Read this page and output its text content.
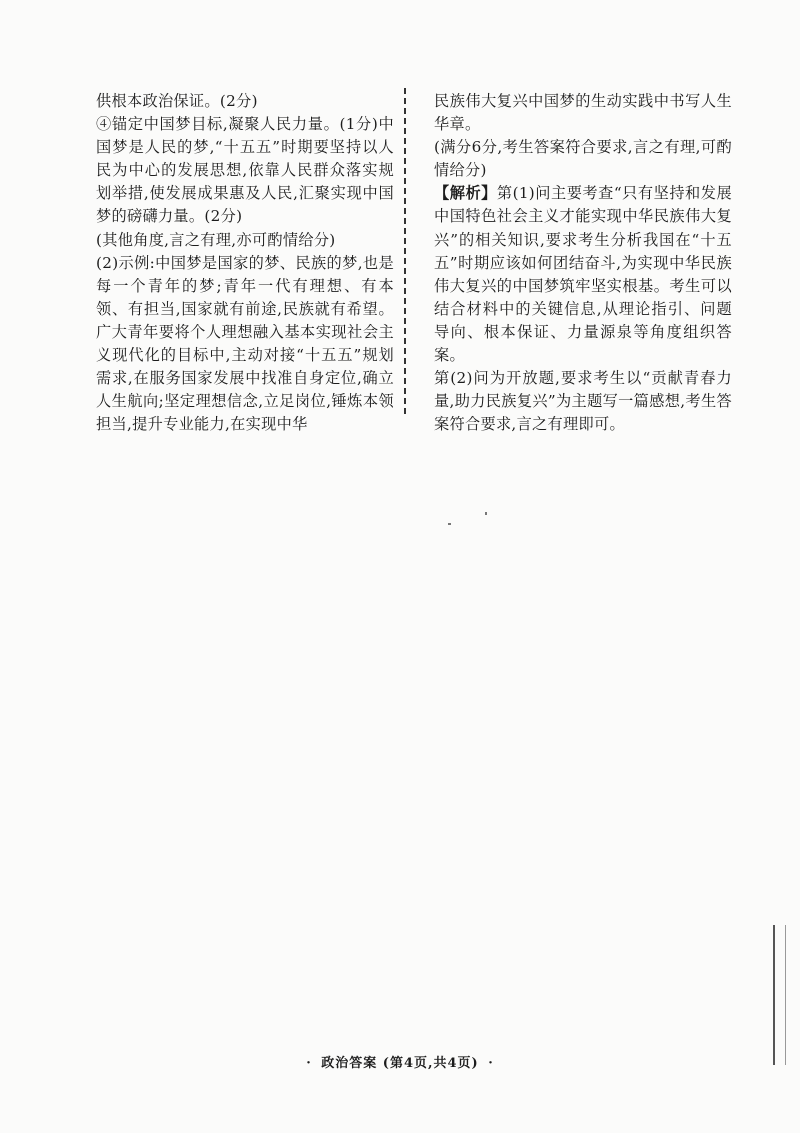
供根本政治保证。(2分)

④锚定中国梦目标,凝聚人民力量。(1分)中国梦是人民的梦,“十五五”时期要坚持以人民为中心的发展思想,依靠人民群众落实规划举措,使发展成果惠及人民,汇聚实现中国梦的磅礴力量。(2分)

(其他角度,言之有理,亦可酌情给分)

(2)示例:中国梦是国家的梦、民族的梦,也是每一个青年的梦;青年一代有理想、有本领、有担当,国家就有前途,民族就有希望。广大青年要将个人理想融入基本实现社会主义现代化的目标中,主动对接“十五五”规划需求,在服务国家发展中找准自身定位,确立人生航向;坚定理想信念,立足岗位,锤炼本领担当,提升专业能力,在实现中华

民族伟大复兴中国梦的生动实践中书写人生华章。

(满分6分,考生答案符合要求,言之有理,可酌情给分)

【解析】第(1)问主要考查“只有坚持和发展中国特色社会主义才能实现中华民族伟大复兴”的相关知识,要求考生分析我国在“十五五”时期应该如何团结奋斗,为实现中华民族伟大复兴的中国梦筑牢坚实根基。考生可以结合材料中的关键信息,从理论指引、问题导向、根本保证、力量源泉等角度组织答案。

第(2)问为开放题,要求考生以“贡献青春力量,助力民族复兴”为主题写一篇感想,考生答案符合要求,言之有理即可。

· 政治答案 (第4页,共4页) ·
